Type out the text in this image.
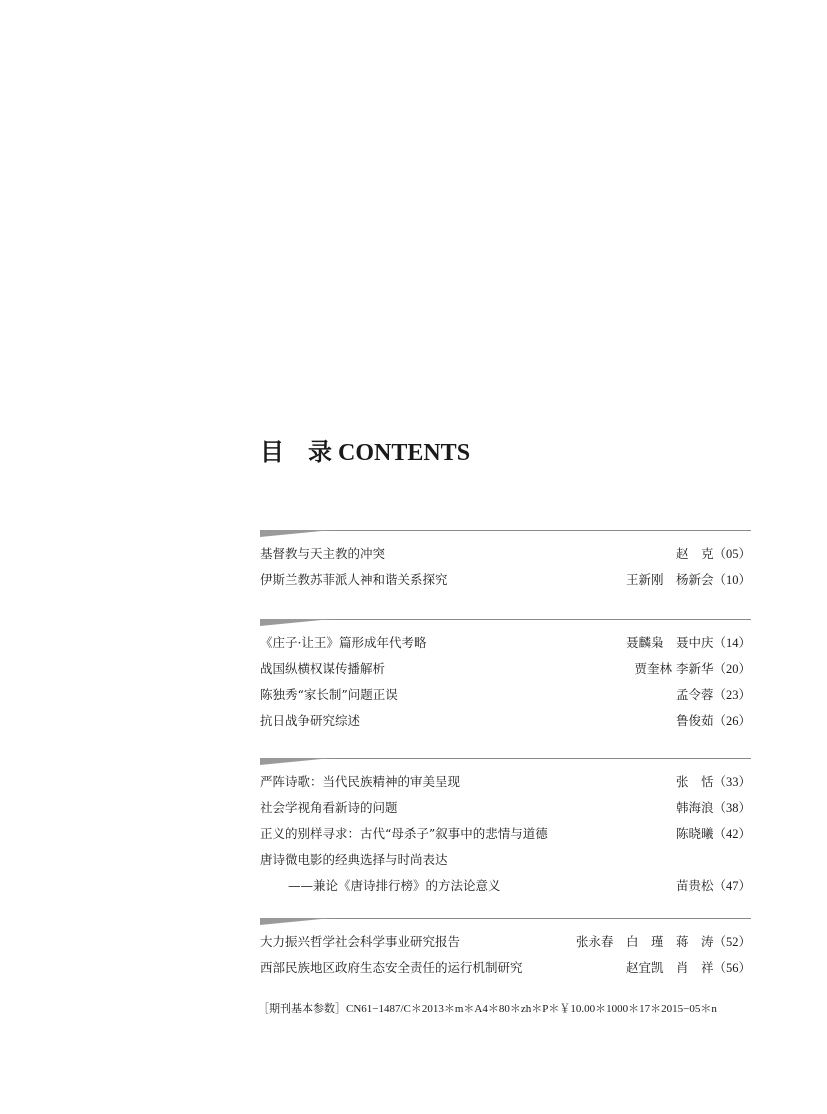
目　录 CONTENTS
基督教与天主教的冲突	赵　克（05）
伊斯兰教苏菲派人神和谐关系探究	王新刚　杨新会（10）
《庄子·让王》篇形成年代考略	聂麟枭　聂中庆（14）
战国纵横权谋传播解析	贾奎林 李新华（20）
陈独秀“家长制”问题正误	孟令蓉（23）
抗日战争研究综述	鲁俊茹（26）
严阵诗歌：当代民族精神的审美呈现	张　恬（33）
社会学视角看新诗的问题	韩海浪（38）
正义的别样寻求：古代“母杀子”叙事中的悲情与道德	陈晓曦（42）
唐诗微电影的经典选择与时尚表达
——兼论《唐诗排行榜》的方法论意义	苗贵松（47）
大力振兴哲学社会科学事业研究报告	张永春　白　瑾　蒋　涛（52）
西部民族地区政府生态安全责任的运行机制研究	赵宜凯　肖　祥（56）
［期刊基本参数］CN61−1487/C＊2013＊m＊A4＊80＊zh＊P＊￥10.00＊1000＊17＊2015−05＊n
